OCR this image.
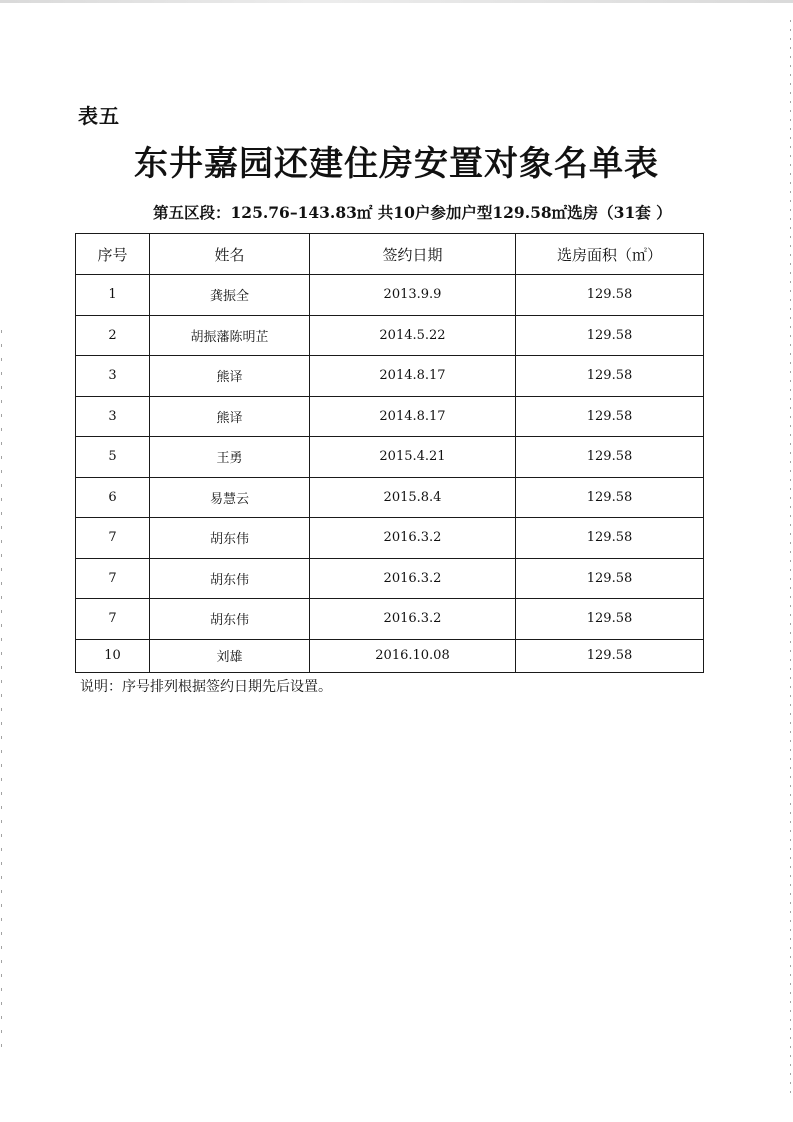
表五
东井嘉园还建住房安置对象名单表
第五区段：125.76–143.83㎡ 共10户参加户型129.58㎡选房（31套 ）
序号	姓名	签约日期	选房面积（㎡）
1	龚振全	2013.9.9	129.58
2	胡振藩陈明芷	2014.5.22	129.58
3	熊译	2014.8.17	129.58
3	熊译	2014.8.17	129.58
5	王勇	2015.4.21	129.58
6	易慧云	2015.8.4	129.58
7	胡东伟	2016.3.2	129.58
7	胡东伟	2016.3.2	129.58
7	胡东伟	2016.3.2	129.58
10	刘雄	2016.10.08	129.58
说明：序号排列根据签约日期先后设置。
